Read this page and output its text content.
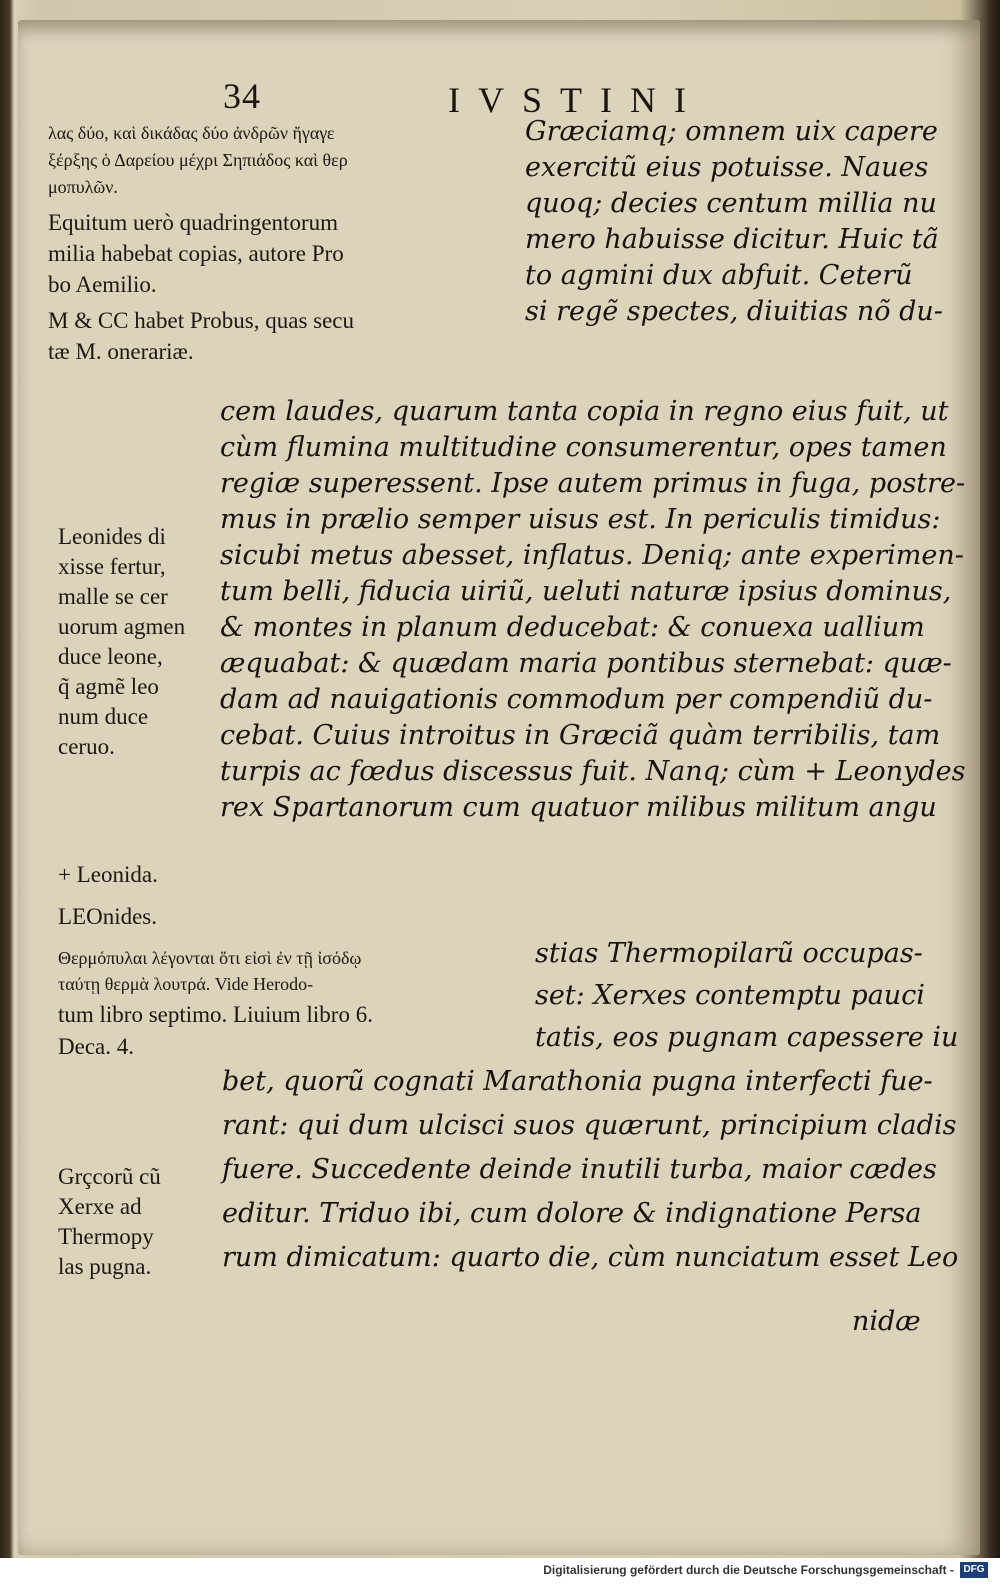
34	IVSTINI
λας δύο, καὶ δικάδας δύο ἀνδρῶν ἤγαγε
ξέρξης ὁ Δαρείου μέχρι Σηπιάδος καὶ θερ
μοπυλῶν.
Equitum uerò quadringentorum
milia habebat copias, autore Pro
bo Aemilio.
M & CC habet Probus, quas secu
tæ M. onerariæ.
Græciamq; omnem uix capere
exercitũ eius potuisse. Naues
quoq; decies centum millia nu
mero habuisse dicitur. Huic tã
to agmini dux abfuit. Ceterũ
si regẽ spectes, diuitias nõ du-
cem laudes, quarum tanta copia in regno eius fuit, ut
cùm flumina multitudine consumerentur, opes tamen
regiæ superessent. Ipse autem primus in fuga, postre-
mus in prælio semper uisus est. In periculis timidus:
sicubi metus abesset, inflatus. Deniq; ante experimen-
tum belli, fiducia uiriũ, ueluti naturæ ipsius dominus,
& montes in planum deducebat: & conuexa uallium
æquabat: & quædam maria pontibus sternebat: quæ-
dam ad nauigationis commodum per compendiũ du-
cebat. Cuius introitus in Græciã quàm terribilis, tam
turpis ac fœdus discessus fuit. Nanq; cùm + Leonydes
rex Spartanorum cum quatuor milibus militum angu
Leonides di
xisse fertur,
malle se cer
uorum agmen
duce leone,
q̃ agmẽ leo
num duce
ceruo.
+ Leonida.
LEOnides.
Θερμόπυλαι λέγονται ὅτι εἰσὶ ἐν τῇ ἰσόδῳ
ταύτῃ θερμὰ λουτρά. Vide Herodo-
tum libro septimo. Liuium libro 6.
Deca. 4.
stias Thermopilarũ occupas-
set: Xerxes contemptu pauci
tatis, eos pugnam capessere iu
bet, quorũ cognati Marathonia pugna interfecti fue-
rant: qui dum ulcisci suos quærunt, principium cladis
fuere. Succedente deinde inutili turba, maior cædes
editur. Triduo ibi, cum dolore & indignatione Persa
rum dimicatum: quarto die, cùm nunciatum esset Leo
Grçcorũ cũ
Xerxe ad
Thermopy
las pugna.
nidæ
Digitalisierung gefördert durch die Deutsche Forschungsgemeinschaft - DFG
